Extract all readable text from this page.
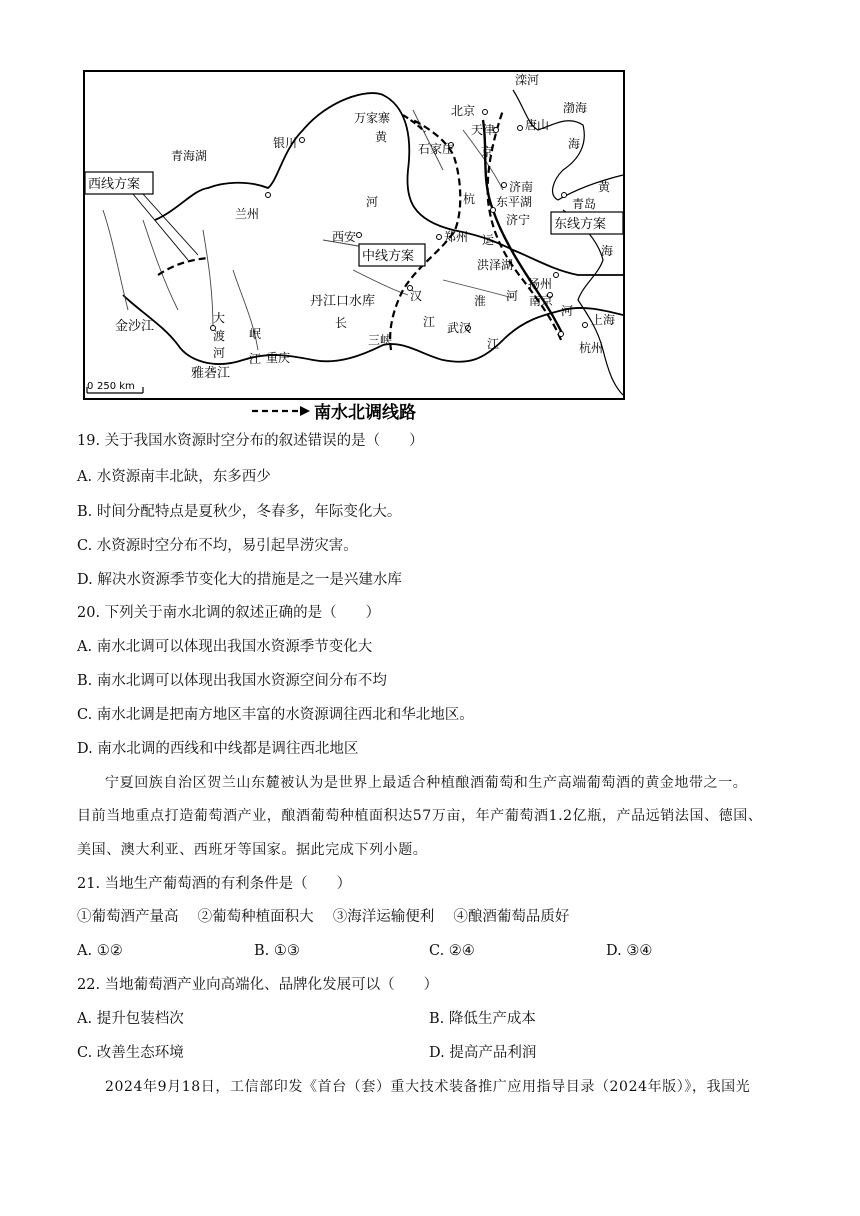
滦河
渤海
北京
万家寨
黄	天津 唐山
海
银川	石家庄 京
青海湖
西线方案
河	杭
济南	黄
兰州
东平湖	青岛
济宁 东线方案
西安	郑州 运
海
中线方案
洪泽湖
丹江口水库	汉	淮 河
扬州
南京
河
金沙江
大
渡
河
岷
江
长	江 武汉
上海
三峡	江	杭州
重庆
雅砻江
0 250 km
南水北调线路
19. 关于我国水资源时空分布的叙述错误的是（　　）
A. 水资源南丰北缺，东多西少
B. 时间分配特点是夏秋少，冬春多，年际变化大。
C. 水资源时空分布不均，易引起旱涝灾害。
D. 解决水资源季节变化大的措施是之一是兴建水库
20. 下列关于南水北调的叙述正确的是（　　）
A. 南水北调可以体现出我国水资源季节变化大
B. 南水北调可以体现出我国水资源空间分布不均
C. 南水北调是把南方地区丰富的水资源调往西北和华北地区。
D. 南水北调的西线和中线都是调往西北地区
宁夏回族自治区贺兰山东麓被认为是世界上最适合种植酿酒葡萄和生产高端葡萄酒的黄金地带之一。
目前当地重点打造葡萄酒产业，酿酒葡萄种植面积达57万亩，年产葡萄酒1.2亿瓶，产品远销法国、德国、
美国、澳大利亚、西班牙等国家。据此完成下列小题。
21. 当地生产葡萄酒的有利条件是（　　）
①葡萄酒产量高　 ②葡萄种植面积大　 ③海洋运输便利　 ④酿酒葡萄品质好
A. ①②	B. ①③	C. ②④	D. ③④
22. 当地葡萄酒产业向高端化、品牌化发展可以（　　）
A. 提升包装档次	B. 降低生产成本
C. 改善生态环境	D. 提高产品利润
2024年9月18日，工信部印发《首台（套）重大技术装备推广应用指导目录（2024年版）》，我国光
